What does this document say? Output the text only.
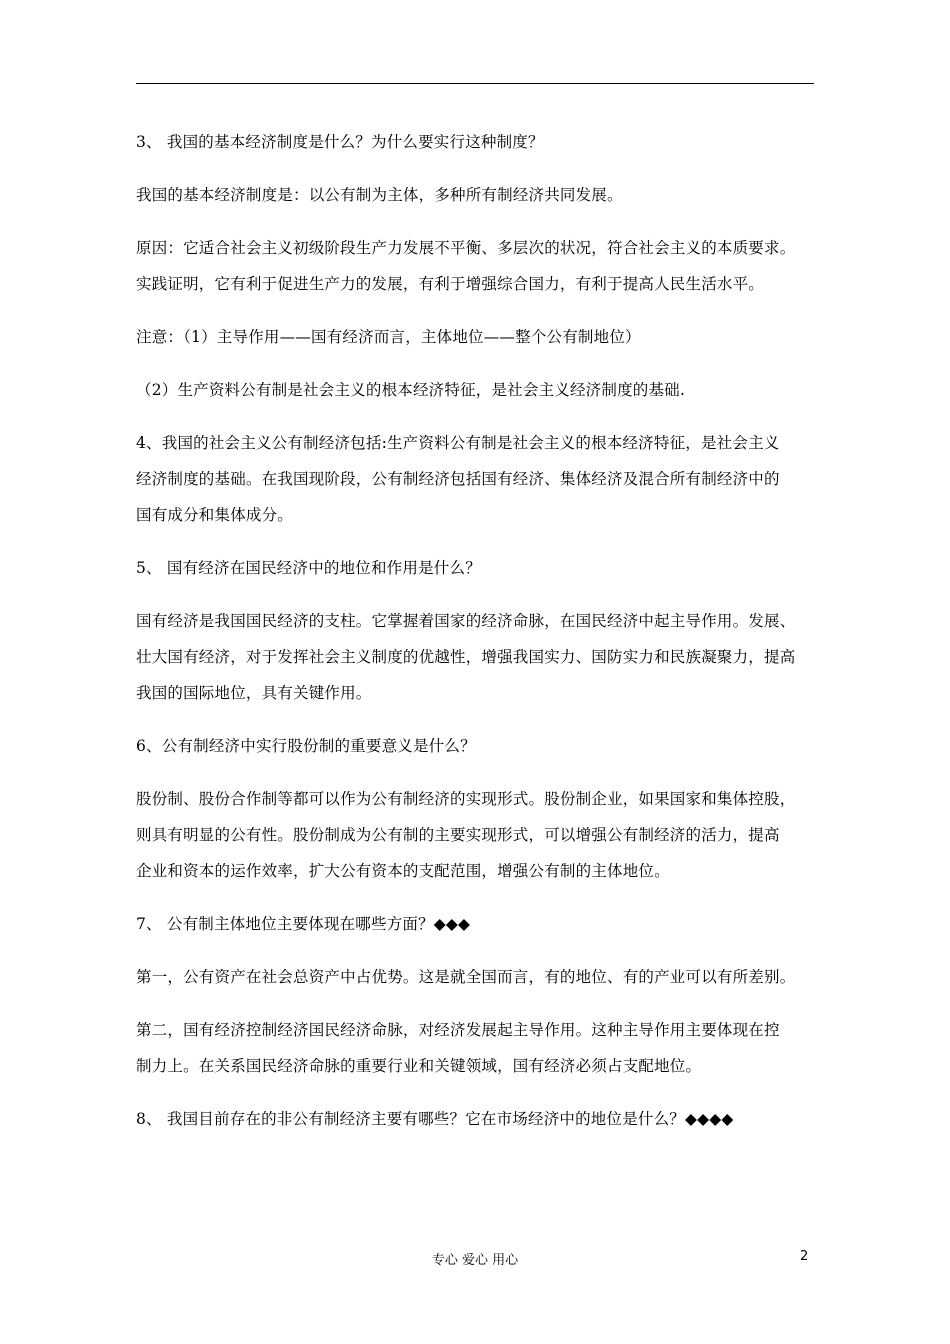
3、 我国的基本经济制度是什么？为什么要实行这种制度？

我国的基本经济制度是：以公有制为主体，多种所有制经济共同发展。

原因：它适合社会主义初级阶段生产力发展不平衡、多层次的状况，符合社会主义的本质要求。
实践证明，它有利于促进生产力的发展，有利于增强综合国力，有利于提高人民生活水平。

注意：（1）主导作用——国有经济而言，主体地位——整个公有制地位）

（2）生产资料公有制是社会主义的根本经济特征，是社会主义经济制度的基础.

4、我国的社会主义公有制经济包括:生产资料公有制是社会主义的根本经济特征，是社会主义
经济制度的基础。在我国现阶段，公有制经济包括国有经济、集体经济及混合所有制经济中的
国有成分和集体成分。

5、 国有经济在国民经济中的地位和作用是什么？

国有经济是我国国民经济的支柱。它掌握着国家的经济命脉，在国民经济中起主导作用。发展、
壮大国有经济，对于发挥社会主义制度的优越性，增强我国实力、国防实力和民族凝聚力，提高
我国的国际地位，具有关键作用。

6、公有制经济中实行股份制的重要意义是什么？

股份制、股份合作制等都可以作为公有制经济的实现形式。股份制企业，如果国家和集体控股，
则具有明显的公有性。股份制成为公有制的主要实现形式，可以增强公有制经济的活力，提高
企业和资本的运作效率，扩大公有资本的支配范围，增强公有制的主体地位。

7、 公有制主体地位主要体现在哪些方面？◆◆◆

第一，公有资产在社会总资产中占优势。这是就全国而言，有的地位、有的产业可以有所差别。

第二，国有经济控制经济国民经济命脉，对经济发展起主导作用。这种主导作用主要体现在控
制力上。在关系国民经济命脉的重要行业和关键领域，国有经济必须占支配地位。

8、 我国目前存在的非公有制经济主要有哪些？它在市场经济中的地位是什么？◆◆◆◆

专心 爱心 用心	2
